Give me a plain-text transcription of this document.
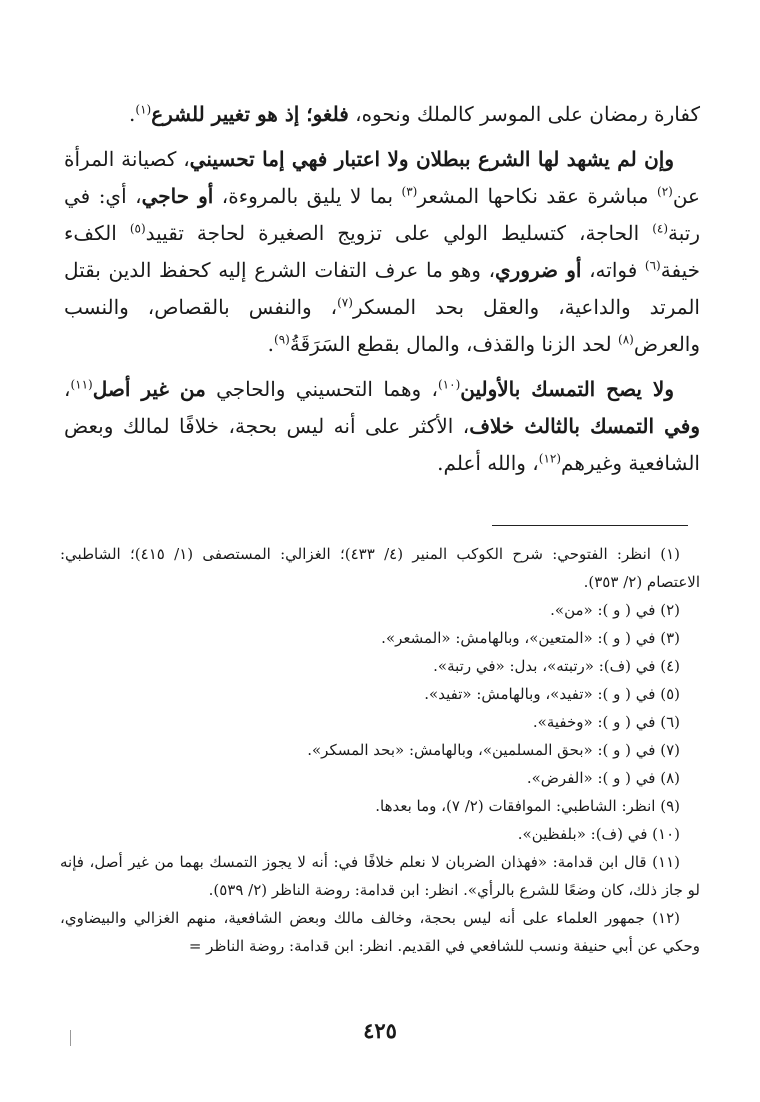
كفارة رمضان على الموسر كالملك ونحوه، فلغو؛ إذ هو تغيير للشرع$^{(١)}$.

وإن لم يشهد لها الشرع ببطلان ولا اعتبار فهي إما تحسيني، كصيانة المرأة عن$^{(٢)}$ مباشرة عقد نكاحها المشعر$^{(٣)}$ بما لا يليق بالمروءة، أو حاجي، أي: في رتبة$^{(٤)}$ الحاجة، كتسليط الولي على تزويج الصغيرة لحاجة تقييد$^{(٥)}$ الكفء خيفة$^{(٦)}$ فواته، أو ضروري، وهو ما عرف التفات الشرع إليه كحفظ الدين بقتل المرتد والداعية، والعقل بحد المسكر$^{(٧)}$، والنفس بالقصاص، والنسب والعرض$^{(٨)}$ لحد الزنا والقذف، والمال بقطع السَرَقَةُ$^{(٩)}$.

ولا يصح التمسك بالأولين$^{(١٠)}$، وهما التحسيني والحاجي من غير أصل$^{(١١)}$، وفي التمسك بالثالث خلاف، الأكثر على أنه ليس بحجة، خلافًا لمالك وبعض الشافعية وغيرهم$^{(١٢)}$، والله أعلم.

(١) انظر: الفتوحي: شرح الكوكب المنير (٤/ ٤٣٣)؛ الغزالي: المستصفى (١/ ٤١٥)؛ الشاطبي: الاعتصام (٢/ ٣٥٣).

(٢) في ( و ): «من».

(٣) في ( و ): «المتعين»، وبالهامش: «المشعر».

(٤) في (ف): «رتبته»، بدل: «في رتبة».

(٥) في ( و ): «تفيد»، وبالهامش: «تفيد».

(٦) في ( و ): «وخفية».

(٧) في ( و ): «بحق المسلمين»، وبالهامش: «بحد المسكر».

(٨) في ( و ): «الفرض».

(٩) انظر: الشاطبي: الموافقات (٢/ ٧)، وما بعدها.

(١٠) في (ف): «بلفظين».

(١١) قال ابن قدامة: «فهذان الضربان لا نعلم خلافًا في: أنه لا يجوز التمسك بهما من غير أصل، فإنه لو جاز ذلك، كان وضعًا للشرع بالرأي». انظر: ابن قدامة: روضة الناظر (٢/ ٥٣٩).

(١٢) جمهور العلماء على أنه ليس بحجة، وخالف مالك وبعض الشافعية، منهم الغزالي والبيضاوي، وحكي عن أبي حنيفة ونسب للشافعي في القديم. انظر: ابن قدامة: روضة الناظر =

٤٢٥
